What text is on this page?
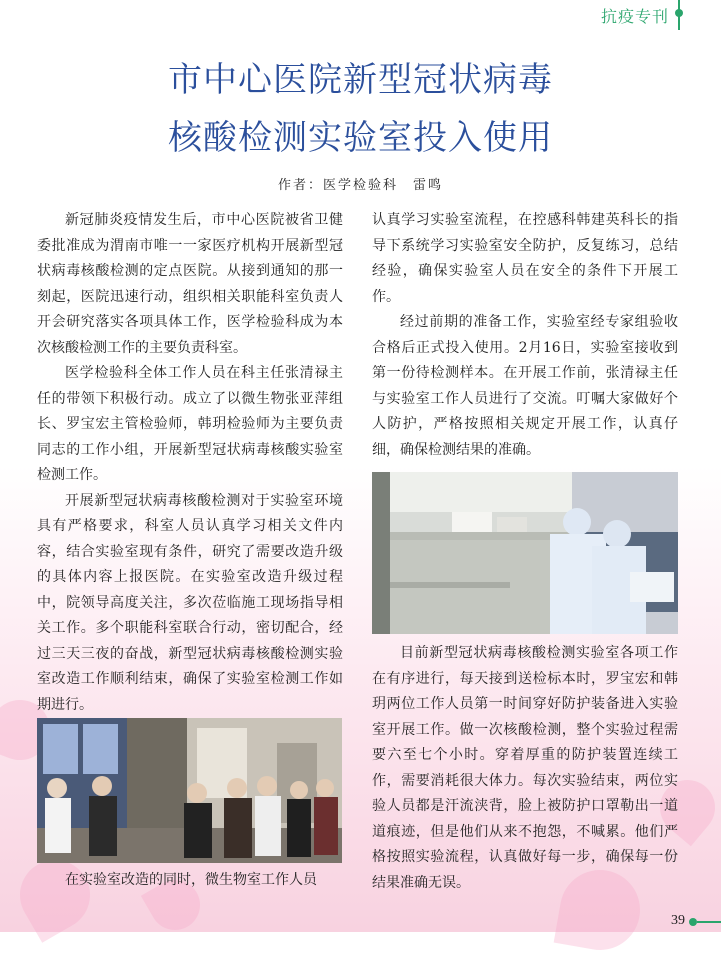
抗疫专刊
市中心医院新型冠状病毒
核酸检测实验室投入使用
作者：医学检验科　雷鸣

新冠肺炎疫情发生后，市中心医院被省卫健委批准成为渭南市唯一一家医疗机构开展新型冠状病毒核酸检测的定点医院。从接到通知的那一刻起，医院迅速行动，组织相关职能科室负责人开会研究落实各项具体工作，医学检验科成为本次核酸检测工作的主要负责科室。

医学检验科全体工作人员在科主任张清禄主任的带领下积极行动。成立了以微生物张亚萍组长、罗宝宏主管检验师，韩玥检验师为主要负责同志的工作小组，开展新型冠状病毒核酸实验室检测工作。

开展新型冠状病毒核酸检测对于实验室环境具有严格要求，科室人员认真学习相关文件内容，结合实验室现有条件，研究了需要改造升级的具体内容上报医院。在实验室改造升级过程中，院领导高度关注，多次莅临施工现场指导相关工作。多个职能科室联合行动，密切配合，经过三天三夜的奋战，新型冠状病毒核酸检测实验室改造工作顺利结束，确保了实验室检测工作如期进行。

在实验室改造的同时，微生物室工作人员

认真学习实验室流程，在控感科韩建英科长的指导下系统学习实验室安全防护，反复练习，总结经验，确保实验室人员在安全的条件下开展工作。

经过前期的准备工作，实验室经专家组验收合格后正式投入使用。2月16日，实验室接收到第一份待检测样本。在开展工作前，张清禄主任与实验室工作人员进行了交流。叮嘱大家做好个人防护，严格按照相关规定开展工作，认真仔细，确保检测结果的准确。

目前新型冠状病毒核酸检测实验室各项工作在有序进行，每天接到送检标本时，罗宝宏和韩玥两位工作人员第一时间穿好防护装备进入实验室开展工作。做一次核酸检测，整个实验过程需要六至七个小时。穿着厚重的防护装置连续工作，需要消耗很大体力。每次实验结束，两位实验人员都是汗流浃背，脸上被防护口罩勒出一道道痕迹，但是他们从来不抱怨，不喊累。他们严格按照实验流程，认真做好每一步，确保每一份结果准确无误。

39
